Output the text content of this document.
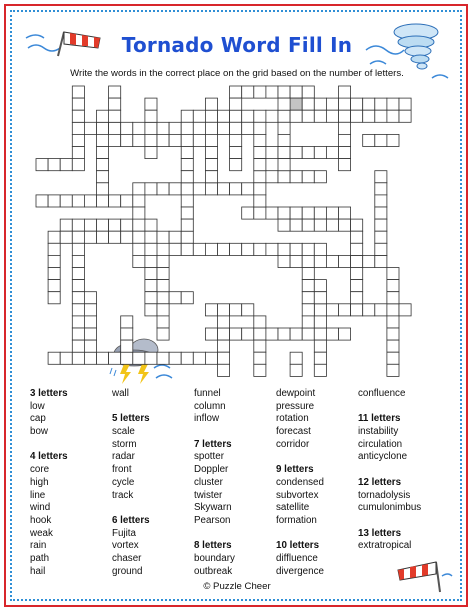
Tornado Word Fill In
Write the words in the correct place on the grid based on the number of letters.
3 letters
low
cap
bow

4 letters
core
high
line
wind
hook
weak
rain
path
hail
wall

5 letters
scale
storm
radar
front
cycle
track

6 letters
Fujita
vortex
chaser
ground
funnel
column
inflow

7 letters
spotter
Doppler
cluster
twister
Skywarn
Pearson

8 letters
boundary
outbreak
dewpoint
pressure
rotation
forecast
corridor

9 letters
condensed
subvortex
satellite
formation

10 letters
diffluence
divergence
confluence

11 letters
instability
circulation
anticyclone

12 letters
tornadolysis
cumulonimbus

13 letters
extratropical
© Puzzle Cheer
